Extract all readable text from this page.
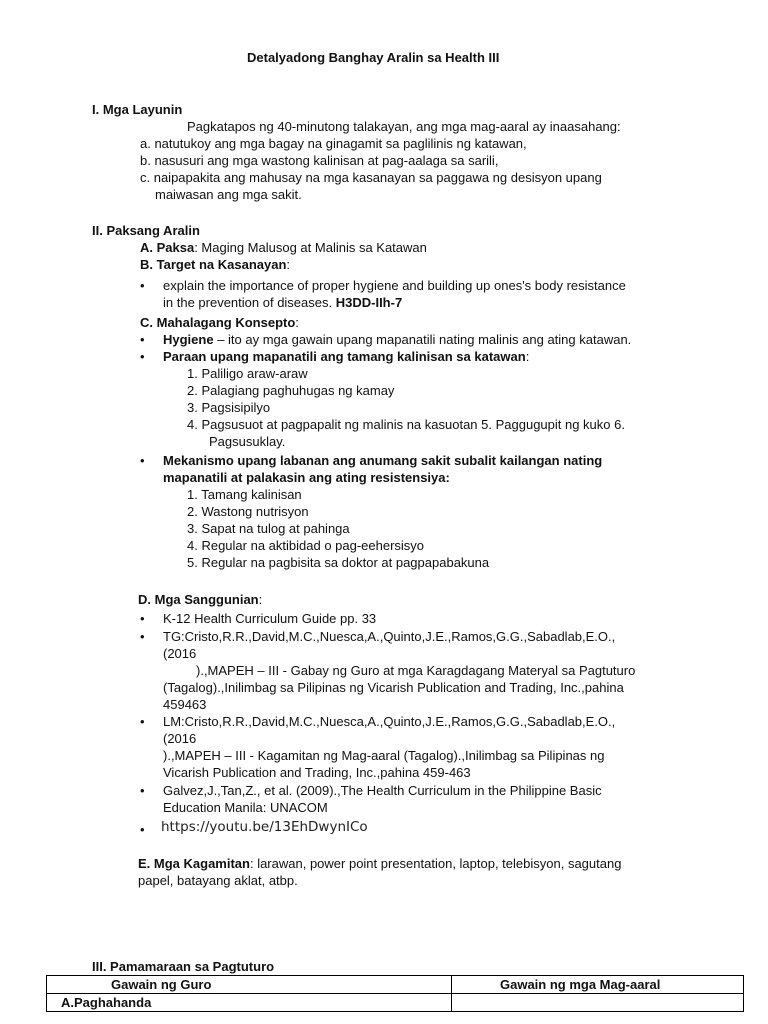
Detalyadong Banghay Aralin sa Health III
I. Mga Layunin
Pagkatapos ng 40-minutong talakayan, ang mga mag-aaral ay inaasahang:
a. natutukoy ang mga bagay na ginagamit sa paglilinis ng katawan,
b. nasusuri ang mga wastong kalinisan at pag-aalaga sa sarili,
c. naipapakita ang mahusay na mga kasanayan sa paggawa ng desisyon upang
maiwasan ang mga sakit.
II. Paksang Aralin
A. Paksa: Maging Malusog at Malinis sa Katawan
B. Target na Kasanayan:
• explain the importance of proper hygiene and building up ones's body resistance
in the prevention of diseases. H3DD-IIh-7
C. Mahalagang Konsepto:
• Hygiene – ito ay mga gawain upang mapanatili nating malinis ang ating katawan.
• Paraan upang mapanatili ang tamang kalinisan sa katawan:
1. Paliligo araw-araw
2. Palagiang paghuhugas ng kamay
3. Pagsisipilyo
4. Pagsusuot at pagpapalit ng malinis na kasuotan 5. Paggugupit ng kuko 6.
Pagsusuklay.
• Mekanismo upang labanan ang anumang sakit subalit kailangan nating
mapanatili at palakasin ang ating resistensiya:
1. Tamang kalinisan
2. Wastong nutrisyon
3. Sapat na tulog at pahinga
4. Regular na aktibidad o pag-eehersisyo
5. Regular na pagbisita sa doktor at pagpapabakuna
D. Mga Sanggunian:
• K-12 Health Curriculum Guide pp. 33
• TG:Cristo,R.R.,David,M.C.,Nuesca,A.,Quinto,J.E.,Ramos,G.G.,Sabadlab,E.O.,
(2016
).,MAPEH – III - Gabay ng Guro at mga Karagdagang Materyal sa Pagtuturo
(Tagalog).,Inilimbag sa Pilipinas ng Vicarish Publication and Trading, Inc.,pahina
459463
• LM:Cristo,R.R.,David,M.C.,Nuesca,A.,Quinto,J.E.,Ramos,G.G.,Sabadlab,E.O.,
(2016
).,MAPEH – III - Kagamitan ng Mag-aaral (Tagalog).,Inilimbag sa Pilipinas ng
Vicarish Publication and Trading, Inc.,pahina 459-463
• Galvez,J.,Tan,Z., et al. (2009).,The Health Curriculum in the Philippine Basic
Education Manila: UNACOM
• https://youtu.be/13EhDwynICo
E. Mga Kagamitan: larawan, power point presentation, laptop, telebisyon, sagutang
papel, batayang aklat, atbp.
III. Pamamaraan sa Pagtuturo
Gawain ng Guro	Gawain ng mga Mag-aaral
A.Paghahanda	
